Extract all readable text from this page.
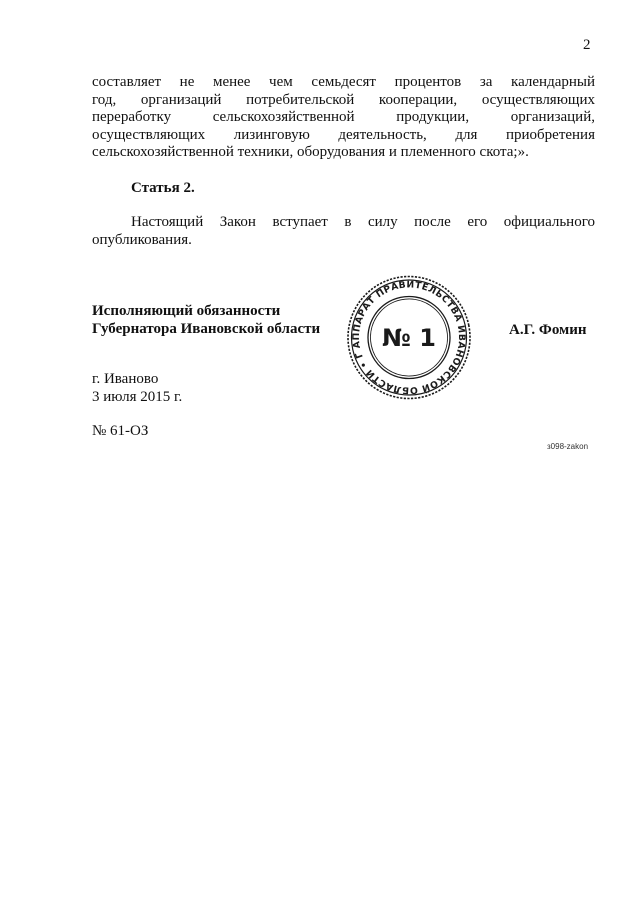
2

составляет не менее чем семьдесят процентов за календарный
год, организаций потребительской кооперации, осуществляющих
переработку сельскохозяйственной продукции, организаций,
осуществляющих лизинговую деятельность, для приобретения
сельскохозяйственной техники, оборудования и племенного скота;».

Статья 2.

Настоящий Закон вступает в силу после его официального
опубликования.

Исполняющий обязанности
Губернатора Ивановской области
АППАРАТ ПРАВИТЕЛЬСТВА ИВАНОВСКОЙ ОБЛАСТИ • ГЛАВНОЕ
№ 1	А.Г. Фомин
г. Иваново
3 июля 2015 г.
№ 61-ОЗ
з098-zakon
